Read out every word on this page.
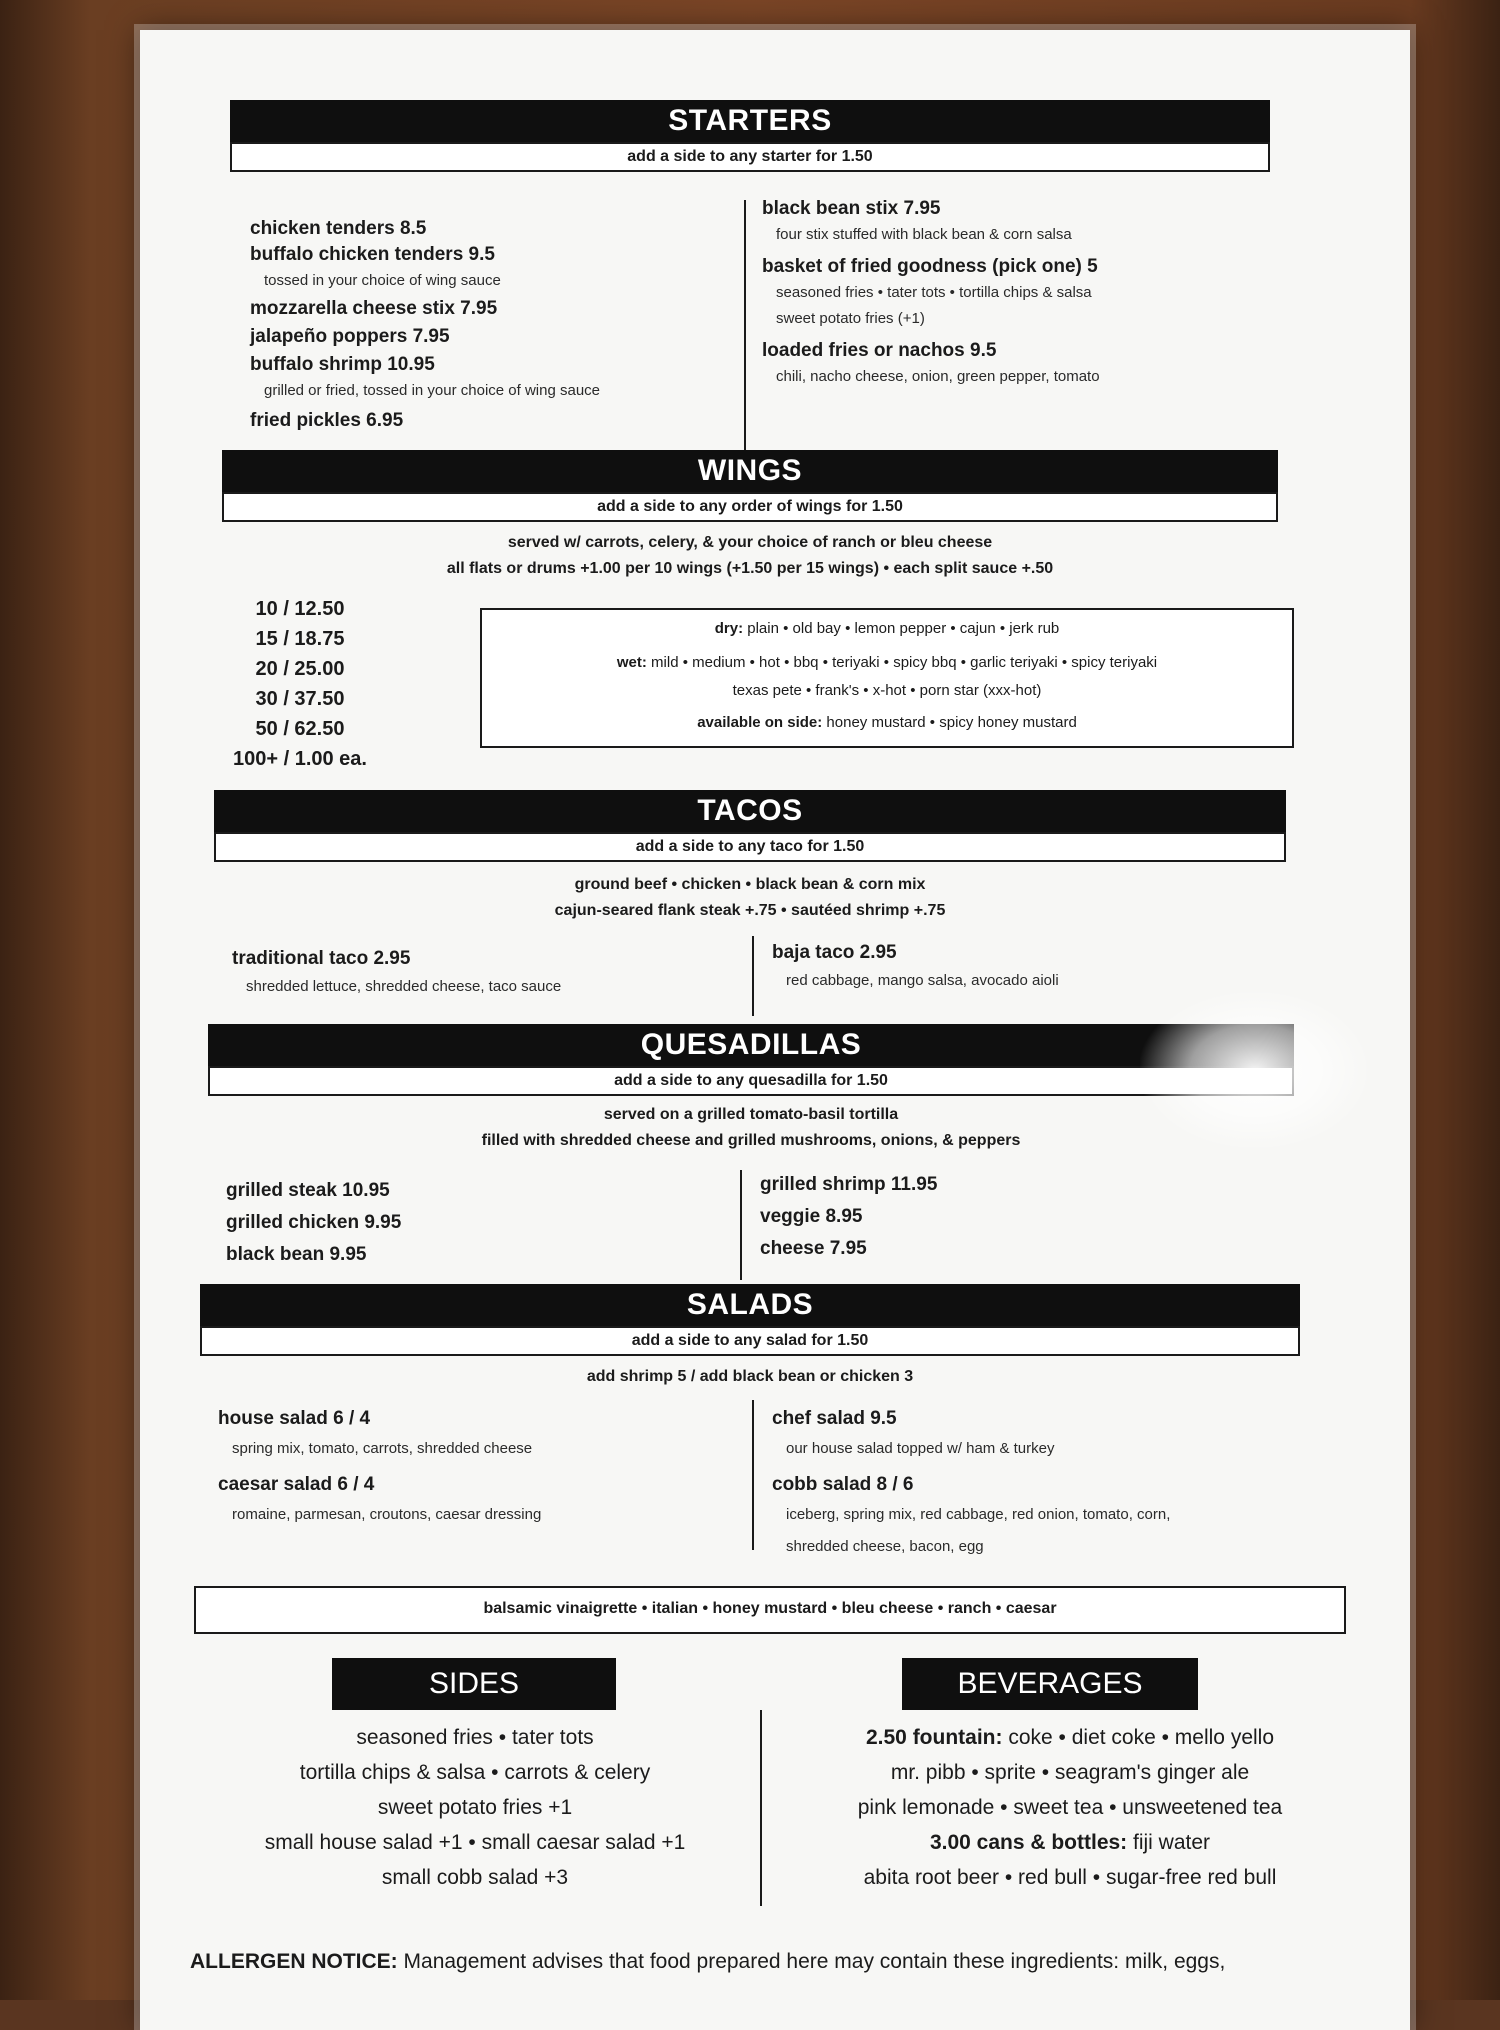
STARTERS
add a side to any starter for 1.50
chicken tenders 8.5
buffalo chicken tenders 9.5
tossed in your choice of wing sauce
mozzarella cheese stix 7.95
jalapeño poppers 7.95
buffalo shrimp 10.95
grilled or fried, tossed in your choice of wing sauce
fried pickles 6.95
black bean stix 7.95
four stix stuffed with black bean & corn salsa
basket of fried goodness (pick one) 5
seasoned fries • tater tots • tortilla chips & salsa
sweet potato fries (+1)
loaded fries or nachos 9.5
chili, nacho cheese, onion, green pepper, tomato
WINGS
add a side to any order of wings for 1.50
served w/ carrots, celery, & your choice of ranch or bleu cheese
all flats or drums +1.00 per 10 wings (+1.50 per 15 wings) • each split sauce +.50
10 / 12.50
15 / 18.75
20 / 25.00
30 / 37.50
50 / 62.50
100+ / 1.00 ea.
dry: plain • old bay • lemon pepper • cajun • jerk rub
wet: mild • medium • hot • bbq • teriyaki • spicy bbq • garlic teriyaki • spicy teriyaki
texas pete • frank's • x-hot • porn star (xxx-hot)
available on side: honey mustard • spicy honey mustard
TACOS
add a side to any taco for 1.50
ground beef • chicken • black bean & corn mix
cajun-seared flank steak +.75 • sautéed shrimp +.75
traditional taco 2.95
shredded lettuce, shredded cheese, taco sauce
baja taco 2.95
red cabbage, mango salsa, avocado aioli
QUESADILLAS
add a side to any quesadilla for 1.50
served on a grilled tomato-basil tortilla
filled with shredded cheese and grilled mushrooms, onions, & peppers
grilled steak 10.95
grilled chicken 9.95
black bean 9.95
grilled shrimp 11.95
veggie 8.95
cheese 7.95
SALADS
add a side to any salad for 1.50
add shrimp 5 / add black bean or chicken 3
house salad 6 / 4
spring mix, tomato, carrots, shredded cheese
caesar salad 6 / 4
romaine, parmesan, croutons, caesar dressing
chef salad 9.5
our house salad topped w/ ham & turkey
cobb salad 8 / 6
iceberg, spring mix, red cabbage, red onion, tomato, corn,
shredded cheese, bacon, egg
balsamic vinaigrette • italian • honey mustard • bleu cheese • ranch • caesar
SIDES
seasoned fries • tater tots
tortilla chips & salsa • carrots & celery
sweet potato fries +1
small house salad +1 • small caesar salad +1
small cobb salad +3
BEVERAGES
2.50 fountain: coke • diet coke • mello yello
mr. pibb • sprite • seagram's ginger ale
pink lemonade • sweet tea • unsweetened tea
3.00 cans & bottles: fiji water
abita root beer • red bull • sugar-free red bull
ALLERGEN NOTICE: Management advises that food prepared here may contain these ingredients: milk, eggs,
